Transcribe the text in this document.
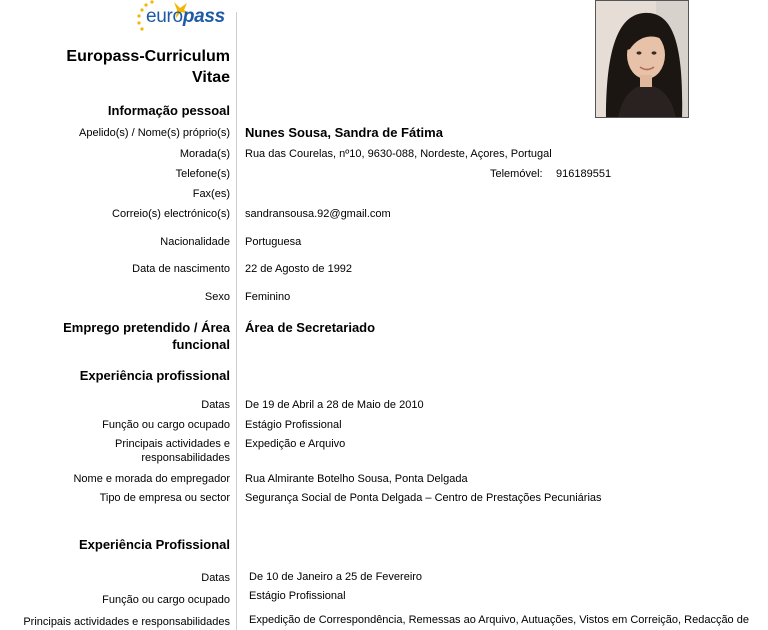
europass
Europass-Curriculum Vitae
Informação pessoal
Apelido(s) / Nome(s) próprio(s) Nunes Sousa, Sandra de Fátima
Morada(s) Rua das Courelas, nº10, 9630-088, Nordeste, Açores, Portugal
Telefone(s)	Telemóvel: 916189551
Fax(es)
Correio(s) electrónico(s) sandransousa.92@gmail.com
Nacionalidade Portuguesa
Data de nascimento 22 de Agosto de 1992
Sexo Feminino
Emprego pretendido / Área funcional
Área de Secretariado
Experiência profissional
Datas De 19 de Abril a 28 de Maio de 2010
Função ou cargo ocupado Estágio Profissional
Principais actividades e responsabilidades
Expedição e Arquivo
Nome e morada do empregador Rua Almirante Botelho Sousa, Ponta Delgada
Tipo de empresa ou sector Segurança Social de Ponta Delgada – Centro de Prestações Pecuniárias
Experiência Profissional
Datas De 10 de Janeiro a 25 de Fevereiro
Função ou cargo ocupado Estágio Profissional
Principais actividades e responsabilidades Expedição de Correspondência, Remessas ao Arquivo, Autuações, Vistos em Correição, Redacção de
